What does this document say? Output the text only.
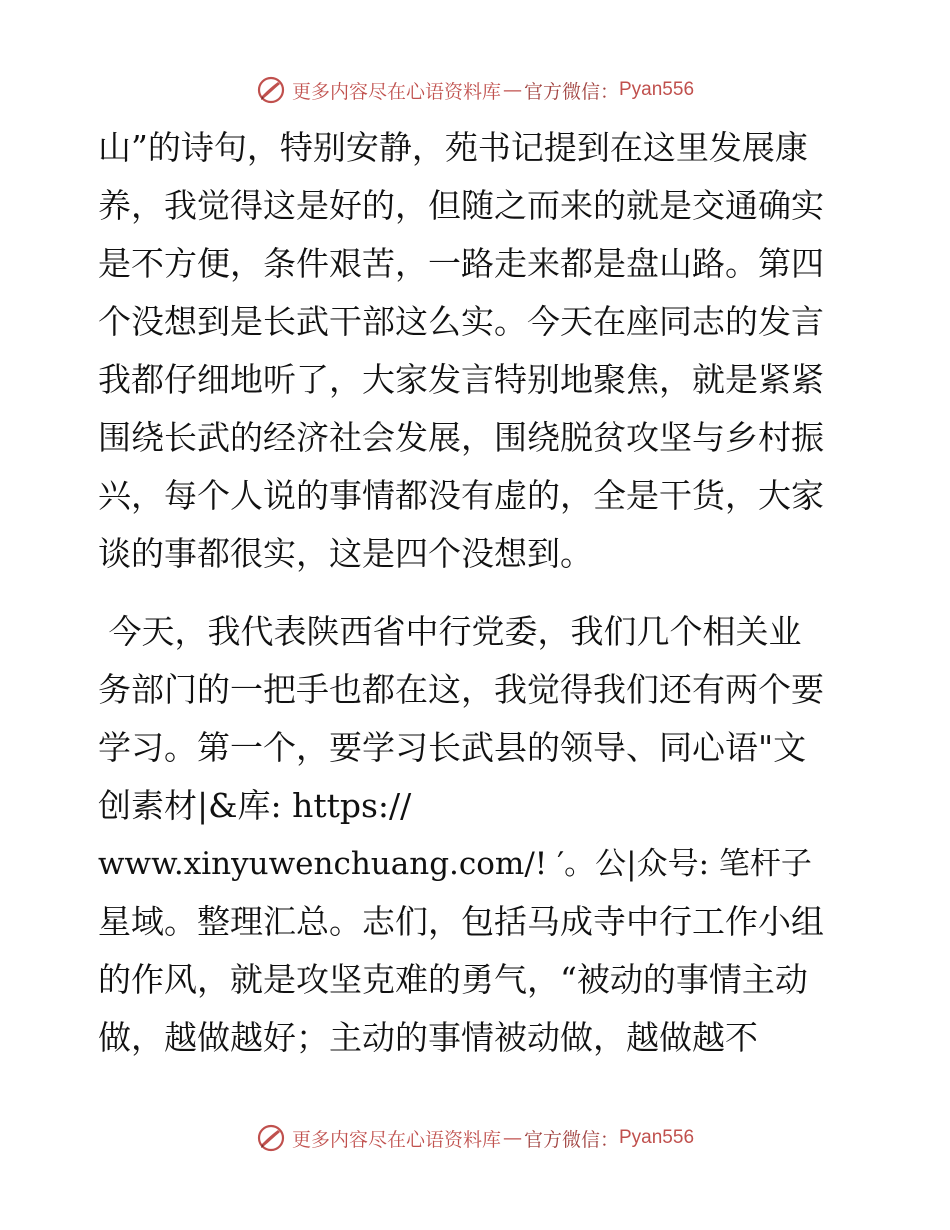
更多内容尽在心语资料库 — 官方微信： Pyan556
山”的诗句，特别安静，苑书记提到在这里发展康
养，我觉得这是好的，但随之而来的就是交通确实
是不方便，条件艰苦，一路走来都是盘山路。第四
个没想到是长武干部这么实。今天在座同志的发言
我都仔细地听了，大家发言特别地聚焦，就是紧紧
围绕长武的经济社会发展，围绕脱贫攻坚与乡村振
兴，每个人说的事情都没有虚的，全是干货，大家
谈的事都很实，这是四个没想到。
今天，我代表陕西省中行党委，我们几个相关业
务部门的一把手也都在这，我觉得我们还有两个要
学习。第一个，要学习长武县的领导、同心语"文
创素材|&库: https://
www.xinyuwenchuang.com/! ′。公|众号: 笔杆子
星域。整理汇总。志们，包括马成寺中行工作小组
的作风，就是攻坚克难的勇气，“被动的事情主动
做，越做越好；主动的事情被动做，越做越不
更多内容尽在心语资料库 — 官方微信： Pyan556
